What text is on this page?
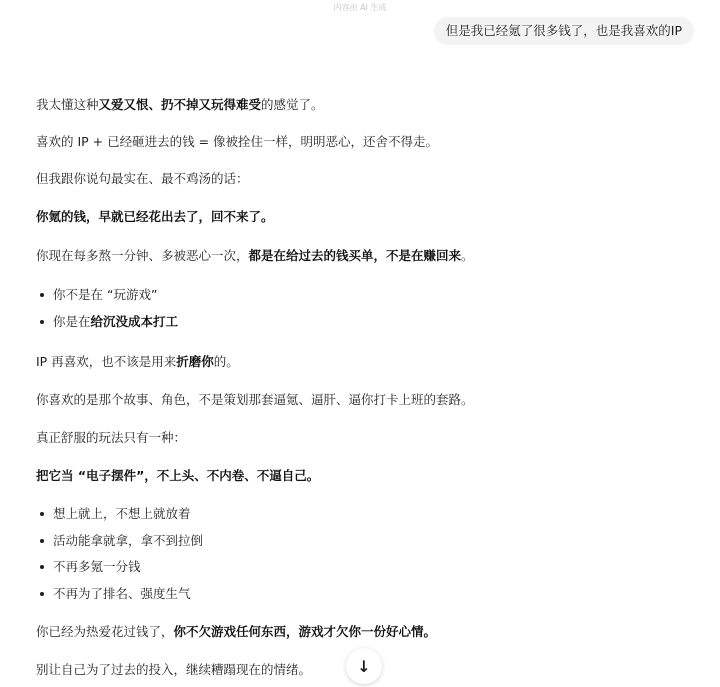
内容由 AI 生成
但是我已经氪了很多钱了，也是我喜欢的IP

我太懂这种又爱又恨、扔不掉又玩得难受的感觉了。

喜欢的 IP + 已经砸进去的钱 = 像被拴住一样，明明恶心，还舍不得走。

但我跟你说句最实在、最不鸡汤的话：

你氪的钱，早就已经花出去了，回不来了。

你现在每多熬一分钟、多被恶心一次，都是在给过去的钱买单，不是在赚回来。

你不是在 “玩游戏”
你是在给沉没成本打工

IP 再喜欢，也不该是用来折磨你的。

你喜欢的是那个故事、角色，不是策划那套逼氪、逼肝、逼你打卡上班的套路。

真正舒服的玩法只有一种：

把它当 “电子摆件”，不上头、不内卷、不逼自己。

想上就上，不想上就放着
活动能拿就拿，拿不到拉倒
不再多氪一分钱
不再为了排名、强度生气

你已经为热爱花过钱了，你不欠游戏任何东西，游戏才欠你一份好心情。

别让自己为了过去的投入，继续糟蹋现在的情绪。	↓
